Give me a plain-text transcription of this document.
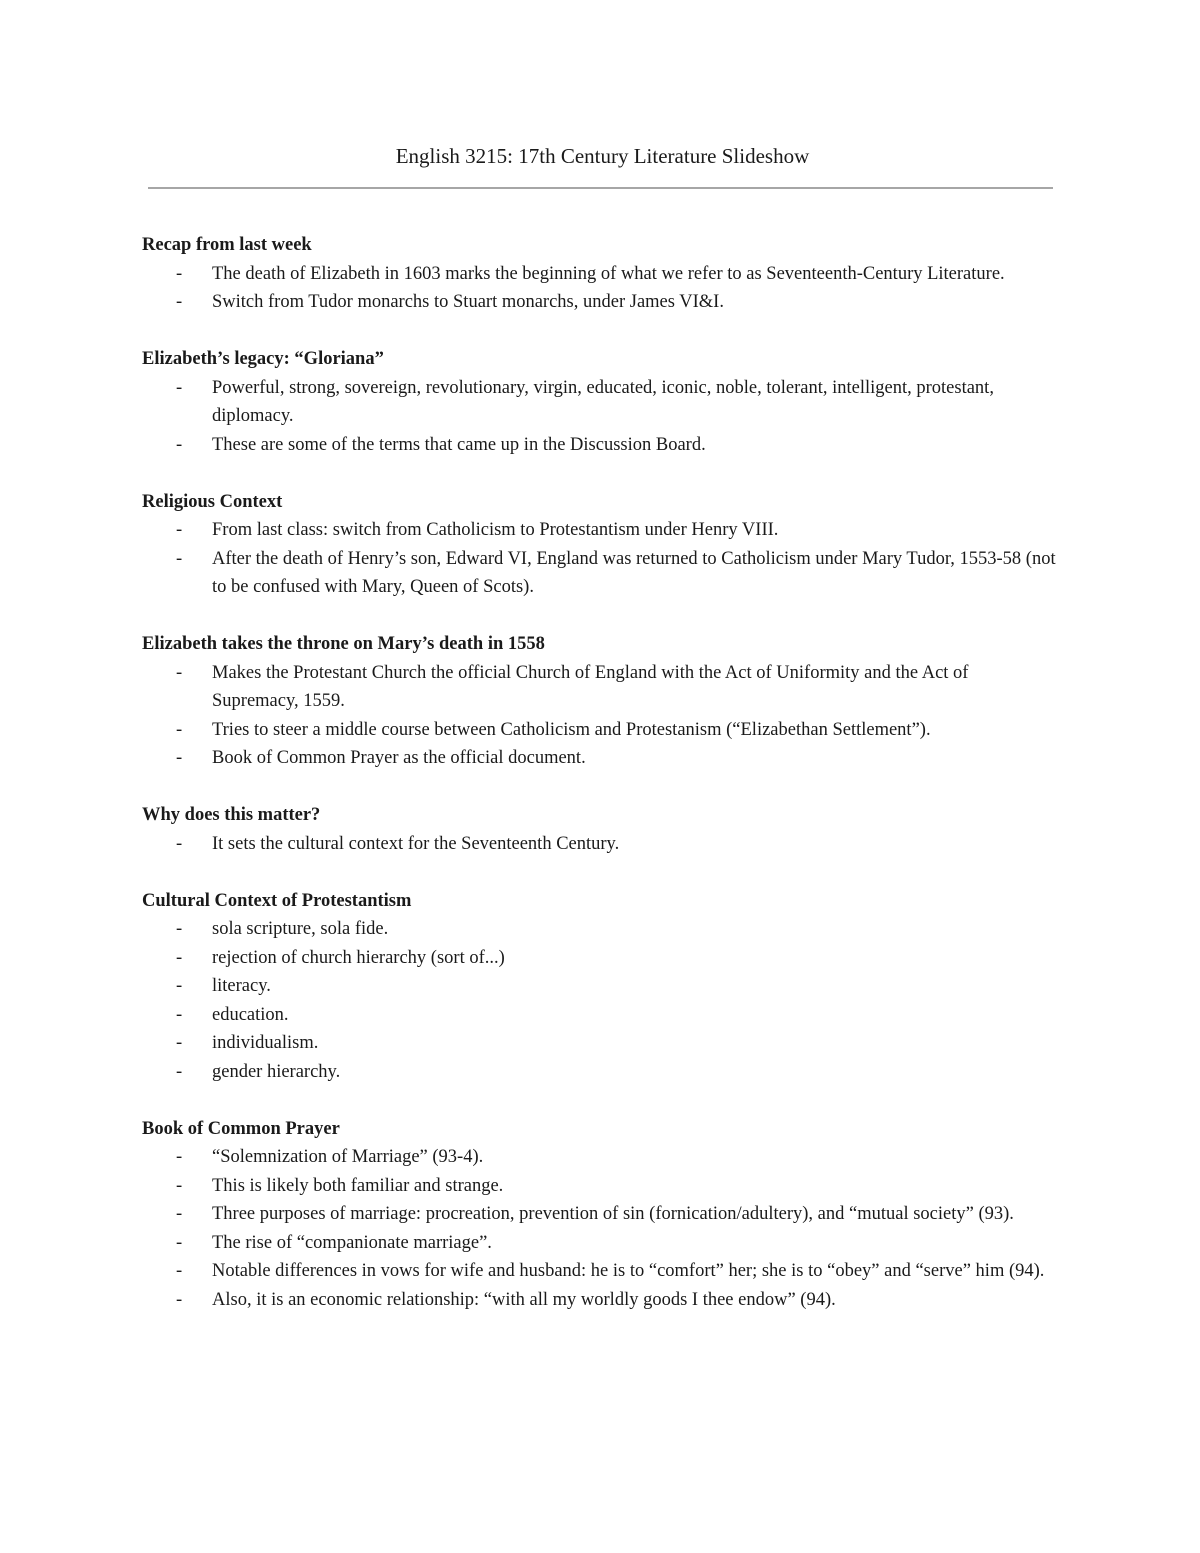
English 3215: 17th Century Literature Slideshow

Recap from last week

- The death of Elizabeth in 1603 marks the beginning of what we refer to as Seventeenth-Century Literature.
- Switch from Tudor monarchs to Stuart monarchs, under James VI&I.

Elizabeth’s legacy: “Gloriana”

- Powerful, strong, sovereign, revolutionary, virgin, educated, iconic, noble, tolerant, intelligent, protestant, diplomacy.
- These are some of the terms that came up in the Discussion Board.

Religious Context

- From last class: switch from Catholicism to Protestantism under Henry VIII.
- After the death of Henry’s son, Edward VI, England was returned to Catholicism under Mary Tudor, 1553-58 (not to be confused with Mary, Queen of Scots).

Elizabeth takes the throne on Mary’s death in 1558

- Makes the Protestant Church the official Church of England with the Act of Uniformity and the Act of Supremacy, 1559.
- Tries to steer a middle course between Catholicism and Protestanism (“Elizabethan Settlement”).
- Book of Common Prayer as the official document.

Why does this matter?

- It sets the cultural context for the Seventeenth Century.

Cultural Context of Protestantism

- sola scripture, sola fide.
- rejection of church hierarchy (sort of...)
- literacy.
- education.
- individualism.
- gender hierarchy.

Book of Common Prayer

- “Solemnization of Marriage” (93-4).
- This is likely both familiar and strange.
- Three purposes of marriage: procreation, prevention of sin (fornication/adultery), and “mutual society” (93).
- The rise of “companionate marriage”.
- Notable differences in vows for wife and husband: he is to “comfort” her; she is to “obey” and “serve” him (94).
- Also, it is an economic relationship: “with all my worldly goods I thee endow” (94).
